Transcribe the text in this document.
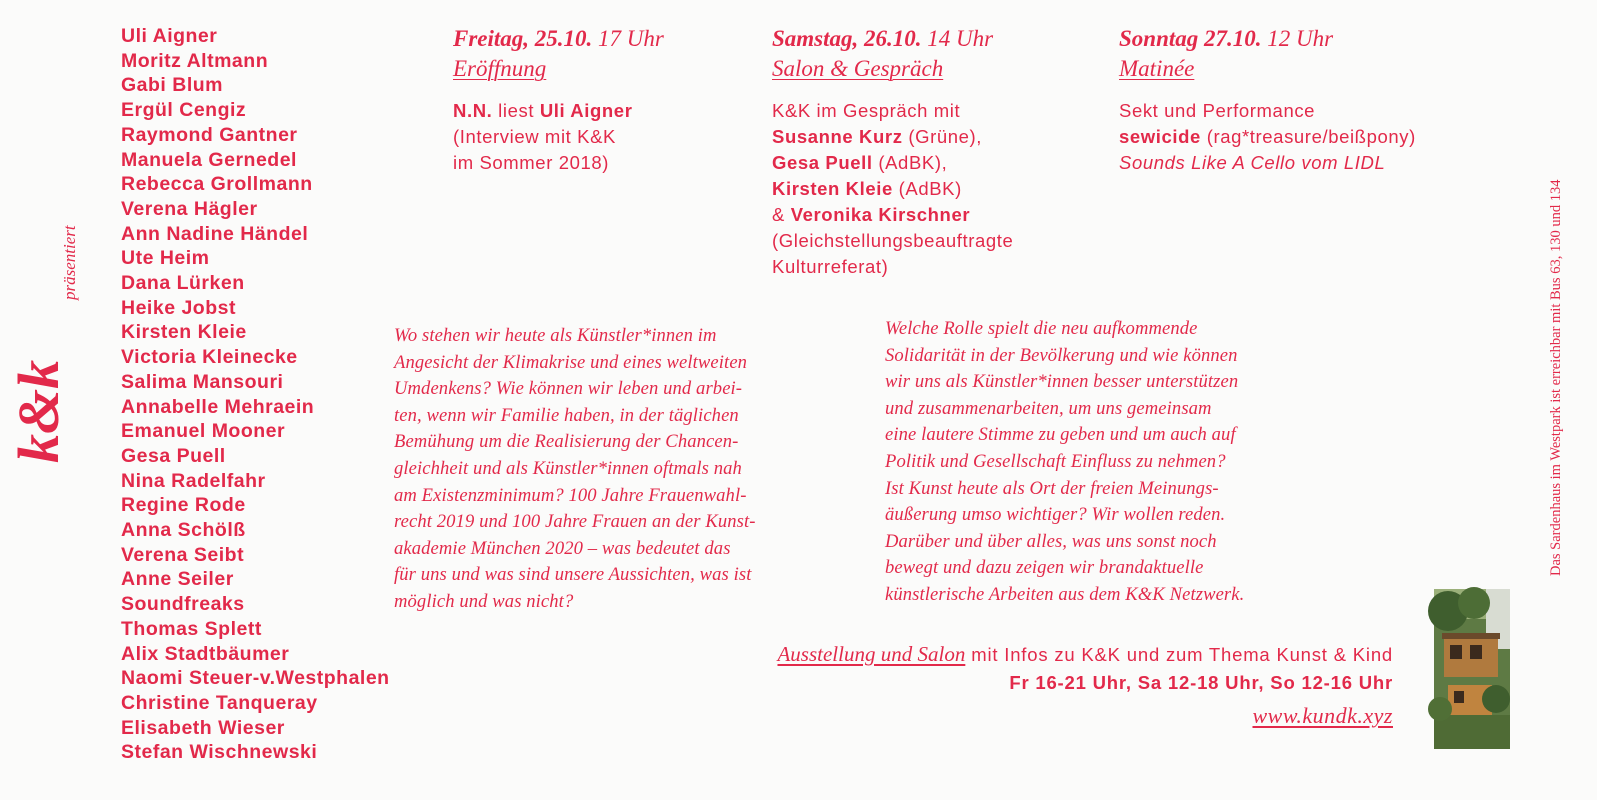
k&k
präsentiert
Uli Aigner
Moritz Altmann
Gabi Blum
Ergül Cengiz
Raymond Gantner
Manuela Gernedel
Rebecca Grollmann
Verena Hägler
Ann Nadine Händel
Ute Heim
Dana Lürken
Heike Jobst
Kirsten Kleie
Victoria Kleinecke
Salima Mansouri
Annabelle Mehraein
Emanuel Mooner
Gesa Puell
Nina Radelfahr
Regine Rode
Anna Schölß
Verena Seibt
Anne Seiler
Soundfreaks
Thomas Splett
Alix Stadtbäumer
Naomi Steuer-v.Westphalen
Christine Tanqueray
Elisabeth Wieser
Stefan Wischnewski
Freitag, 25.10. 17 Uhr
Eröffnung
N.N. liest Uli Aigner
(Interview mit K&K
im Sommer 2018)
Samstag, 26.10. 14 Uhr
Salon & Gespräch
K&K im Gespräch mit
Susanne Kurz (Grüne),
Gesa Puell (AdBK),
Kirsten Kleie (AdBK)
& Veronika Kirschner
(Gleichstellungsbeauftragte
Kulturreferat)
Sonntag 27.10. 12 Uhr
Matinée
Sekt und Performance
sewicide (rag*treasure/beißpony)
Sounds Like A Cello vom LIDL
Wo stehen wir heute als Künstler*innen im
Angesicht der Klimakrise und eines weltweiten
Umdenkens? Wie können wir leben und arbei-
ten, wenn wir Familie haben, in der täglichen
Bemühung um die Realisierung der Chancen-
gleichheit und als Künstler*innen oftmals nah
am Existenzminimum? 100 Jahre Frauenwahl-
recht 2019 und 100 Jahre Frauen an der Kunst-
akademie München 2020 – was bedeutet das
für uns und was sind unsere Aussichten, was ist
möglich und was nicht?
Welche Rolle spielt die neu aufkommende
Solidarität in der Bevölkerung und wie können
wir uns als Künstler*innen besser unterstützen
und zusammenarbeiten, um uns gemeinsam
eine lautere Stimme zu geben und um auch auf
Politik und Gesellschaft Einfluss zu nehmen?
Ist Kunst heute als Ort der freien Meinungs-
äußerung umso wichtiger? Wir wollen reden.
Darüber und über alles, was uns sonst noch
bewegt und dazu zeigen wir brandaktuelle
künstlerische Arbeiten aus dem K&K Netzwerk.
Ausstellung und Salon mit Infos zu K&K und zum Thema Kunst & Kind
Fr 16-21 Uhr, Sa 12-18 Uhr, So 12-16 Uhr
www.kundk.xyz
Das Sardenhaus im Westpark ist erreichbar mit Bus 63, 130 und 134
